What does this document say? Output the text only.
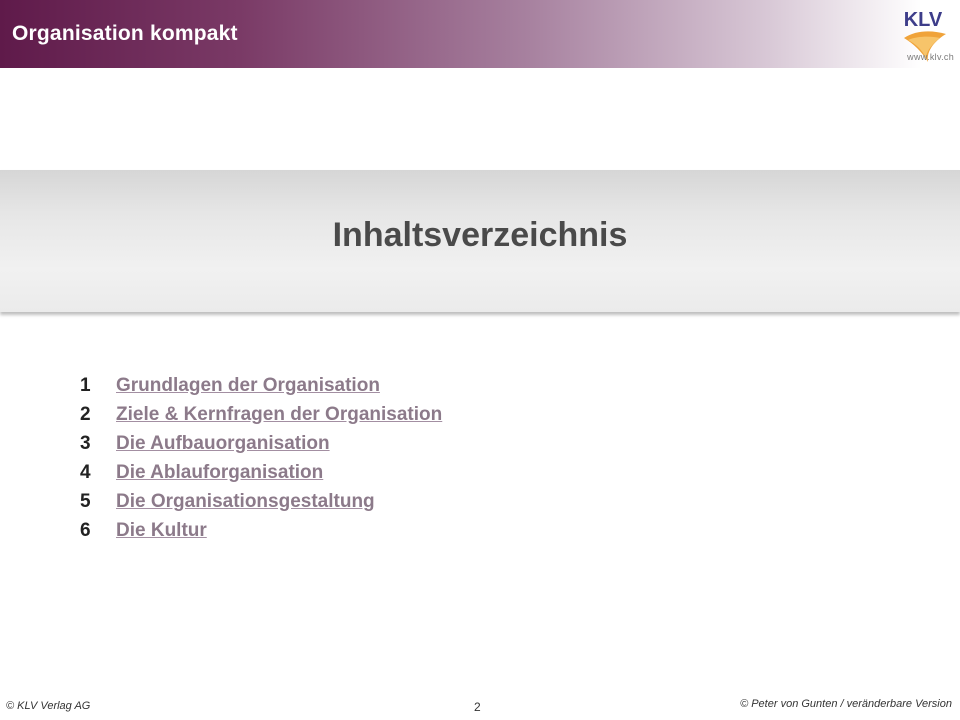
Organisation kompakt
KLV
www.klv.ch
Inhaltsverzeichnis
1	Grundlagen der Organisation
2	Ziele & Kernfragen der Organisation
3	Die Aufbauorganisation
4	Die Ablauforganisation
5	Die Organisationsgestaltung
6	Die Kultur
© KLV Verlag AG	2	© Peter von Gunten / veränderbare Version
